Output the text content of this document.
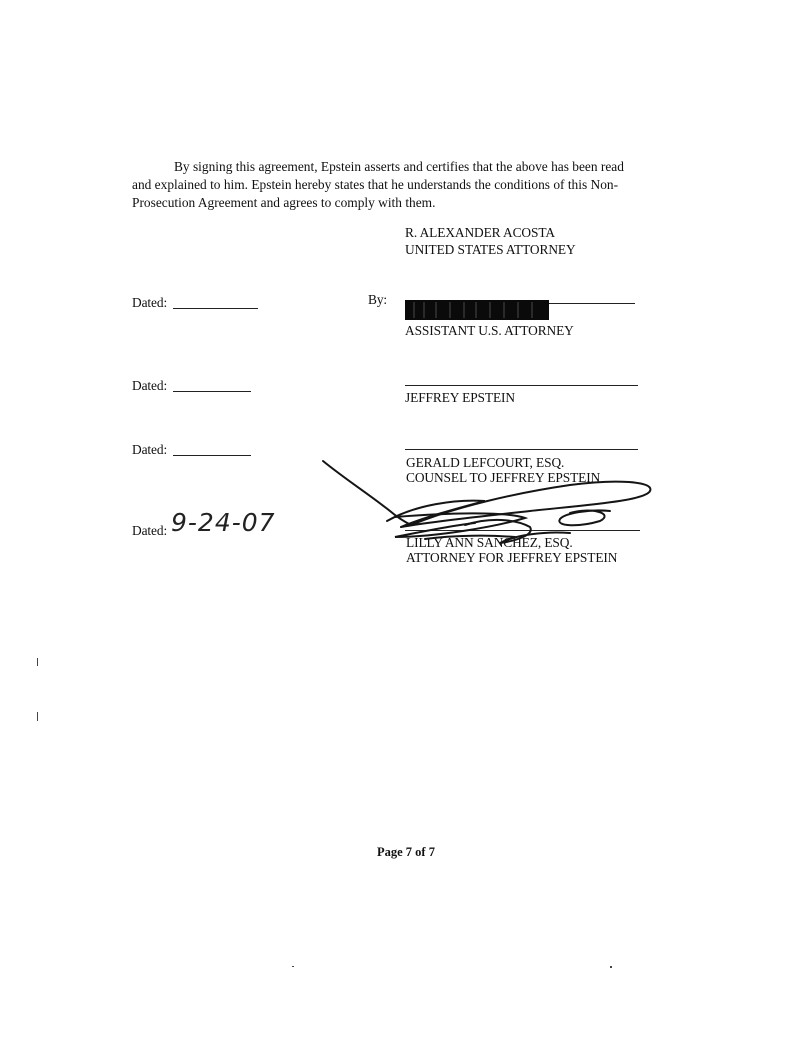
By signing this agreement, Epstein asserts and certifies that the above has been read
and explained to him. Epstein hereby states that he understands the conditions of this Non-
Prosecution Agreement and agrees to comply with them.
R. ALEXANDER ACOSTA
UNITED STATES ATTORNEY
Dated:	By:
ASSISTANT U.S. ATTORNEY
Dated:
JEFFREY EPSTEIN
Dated:
GERALD LEFCOURT, ESQ.
COUNSEL TO JEFFREY EPSTEIN
Dated: 9-24-07
LILLY ANN SANCHEZ, ESQ.
ATTORNEY FOR JEFFREY EPSTEIN
Page 7 of 7
